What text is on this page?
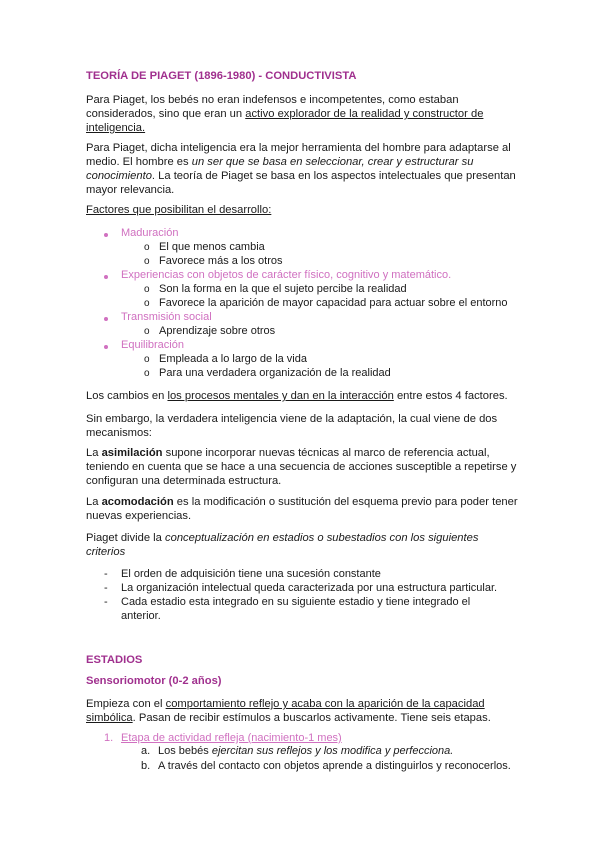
TEORÍA DE PIAGET (1896-1980) - CONDUCTIVISTA
Para Piaget, los bebés no eran indefensos e incompetentes, como estaban
considerados, sino que eran un activo explorador de la realidad y constructor de
inteligencia.
Para Piaget, dicha inteligencia era la mejor herramienta del hombre para adaptarse al
medio. El hombre es un ser que se basa en seleccionar, crear y estructurar su
conocimiento. La teoría de Piaget se basa en los aspectos intelectuales que presentan
mayor relevancia.
Factores que posibilitan el desarrollo:
Maduración
o El que menos cambia
o Favorece más a los otros
Experiencias con objetos de carácter físico, cognitivo y matemático.
o Son la forma en la que el sujeto percibe la realidad
o Favorece la aparición de mayor capacidad para actuar sobre el entorno
Transmisión social
o Aprendizaje sobre otros
Equilibración
o Empleada a lo largo de la vida
o Para una verdadera organización de la realidad
Los cambios en los procesos mentales y dan en la interacción entre estos 4 factores.
Sin embargo, la verdadera inteligencia viene de la adaptación, la cual viene de dos
mecanismos:
La asimilación supone incorporar nuevas técnicas al marco de referencia actual,
teniendo en cuenta que se hace a una secuencia de acciones susceptible a repetirse y
configuran una determinada estructura.
La acomodación es la modificación o sustitución del esquema previo para poder tener
nuevas experiencias.
Piaget divide la conceptualización en estadios o subestadios con los siguientes
criterios
- El orden de adquisición tiene una sucesión constante
- La organización intelectual queda caracterizada por una estructura particular.
- Cada estadio esta integrado en su siguiente estadio y tiene integrado el
anterior.
ESTADIOS
Sensoriomotor (0-2 años)
Empieza con el comportamiento reflejo y acaba con la aparición de la capacidad
simbólica. Pasan de recibir estímulos a buscarlos activamente. Tiene seis etapas.
1. Etapa de actividad refleja (nacimiento-1 mes)
a. Los bebés ejercitan sus reflejos y los modifica y perfecciona.
b. A través del contacto con objetos aprende a distinguirlos y reconocerlos.
